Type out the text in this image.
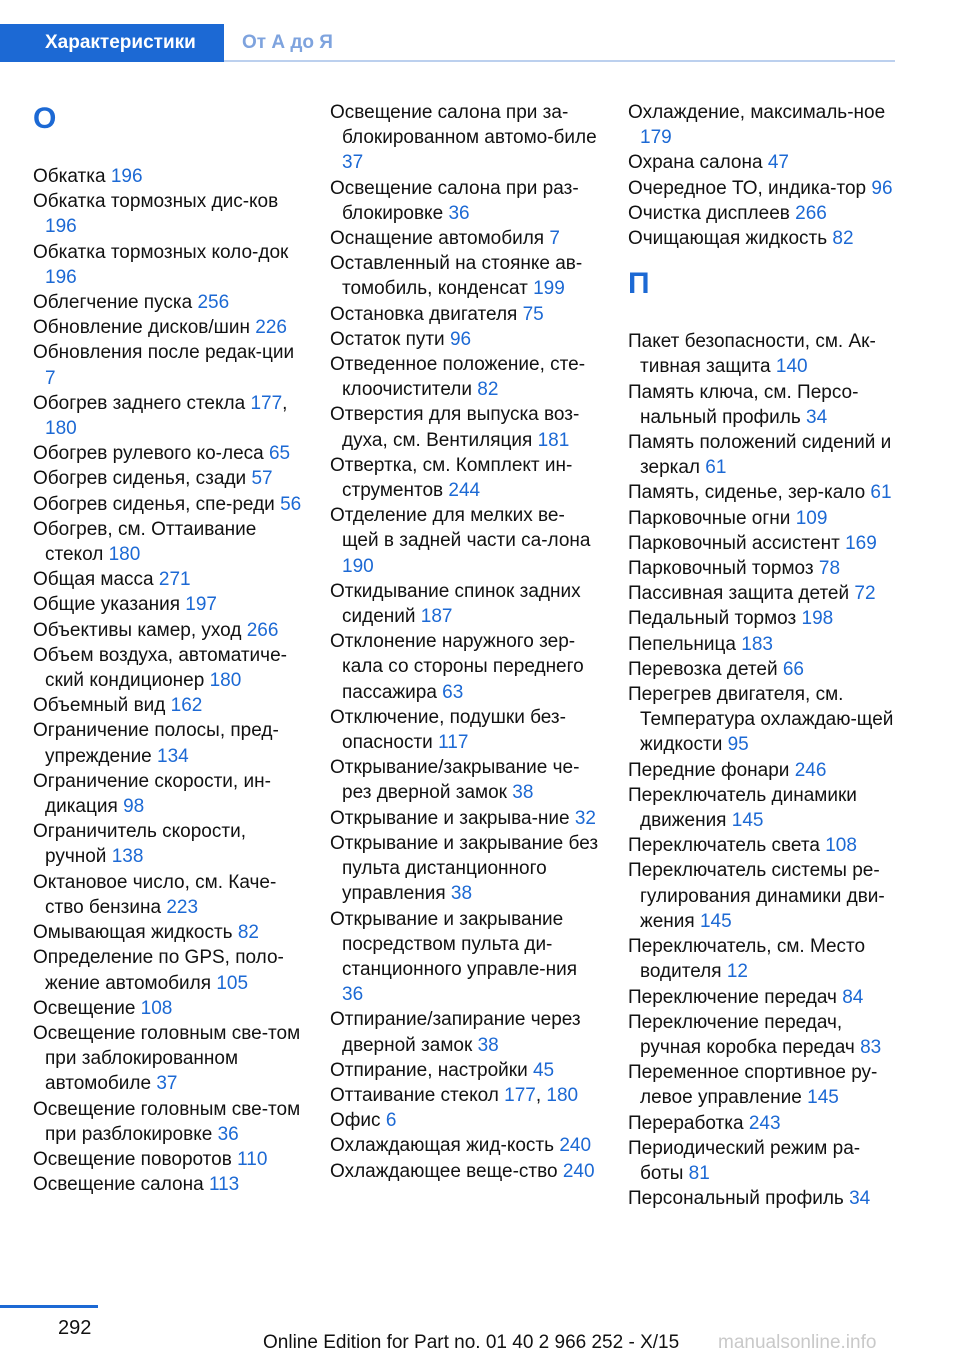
Характеристики	От А до Я
О
Обкатка 196
Обкатка тормозных дис-ков 196
Обкатка тормозных коло-док 196
Облегчение пуска 256
Обновление дисков/шин 226
Обновления после редак-ции 7
Обогрев заднего стекла 177, 180
Обогрев рулевого ко-леса 65
Обогрев сиденья, сзади 57
Обогрев сиденья, спе-реди 56
Обогрев, см. Оттаивание стекол 180
Общая масса 271
Общие указания 197
Объективы камер, уход 266
Объем воздуха, автоматиче-ский кондиционер 180
Объемный вид 162
Ограничение полосы, пред-упреждение 134
Ограничение скорости, ин-дикация 98
Ограничитель скорости, ручной 138
Октановое число, см. Каче-ство бензина 223
Омывающая жидкость 82
Определение по GPS, поло-жение автомобиля 105
Освещение 108
Освещение головным све-том при заблокированном автомобиле 37
Освещение головным све-том при разблокировке 36
Освещение поворотов 110
Освещение салона 113
Освещение салона при за-блокированном автомо-биле 37
Освещение салона при раз-блокировке 36
Оснащение автомобиля 7
Оставленный на стоянке ав-томобиль, конденсат 199
Остановка двигателя 75
Остаток пути 96
Отведенное положение, сте-клоочистители 82
Отверстия для выпуска воз-духа, см. Вентиляция 181
Отвертка, см. Комплект ин-струментов 244
Отделение для мелких ве-щей в задней части са-лона 190
Откидывание спинок задних сидений 187
Отклонение наружного зер-кала со стороны переднего пассажира 63
Отключение, подушки без-опасности 117
Открывание/закрывание че-рез дверной замок 38
Открывание и закрыва-ние 32
Открывание и закрывание без пульта дистанционного управления 38
Открывание и закрывание посредством пульта ди-станционного управле-ния 36
Отпирание/запирание через дверной замок 38
Отпирание, настройки 45
Оттаивание стекол 177, 180
Офис 6
Охлаждающая жид-кость 240
Охлаждающее веще-ство 240
Охлаждение, максималь-ное 179
Охрана салона 47
Очередное ТО, индика-тор 96
Очистка дисплеев 266
Очищающая жидкость 82
П
Пакет безопасности, см. Ак-тивная защита 140
Память ключа, см. Персо-нальный профиль 34
Память положений сидений и зеркал 61
Память, сиденье, зер-кало 61
Парковочные огни 109
Парковочный ассистент 169
Парковочный тормоз 78
Пассивная защита детей 72
Педальный тормоз 198
Пепельница 183
Перевозка детей 66
Перегрев двигателя, см. Температура охлаждаю-щей жидкости 95
Передние фонари 246
Переключатель динамики движения 145
Переключатель света 108
Переключатель системы ре-гулирования динамики дви-жения 145
Переключатель, см. Место водителя 12
Переключение передач 84
Переключение передач, ручная коробка передач 83
Переменное спортивное ру-левое управление 145
Переработка 243
Периодический режим ра-боты 81
Персональный профиль 34
292
Online Edition for Part no. 01 40 2 966 252 - X/15 manualsonline.info
